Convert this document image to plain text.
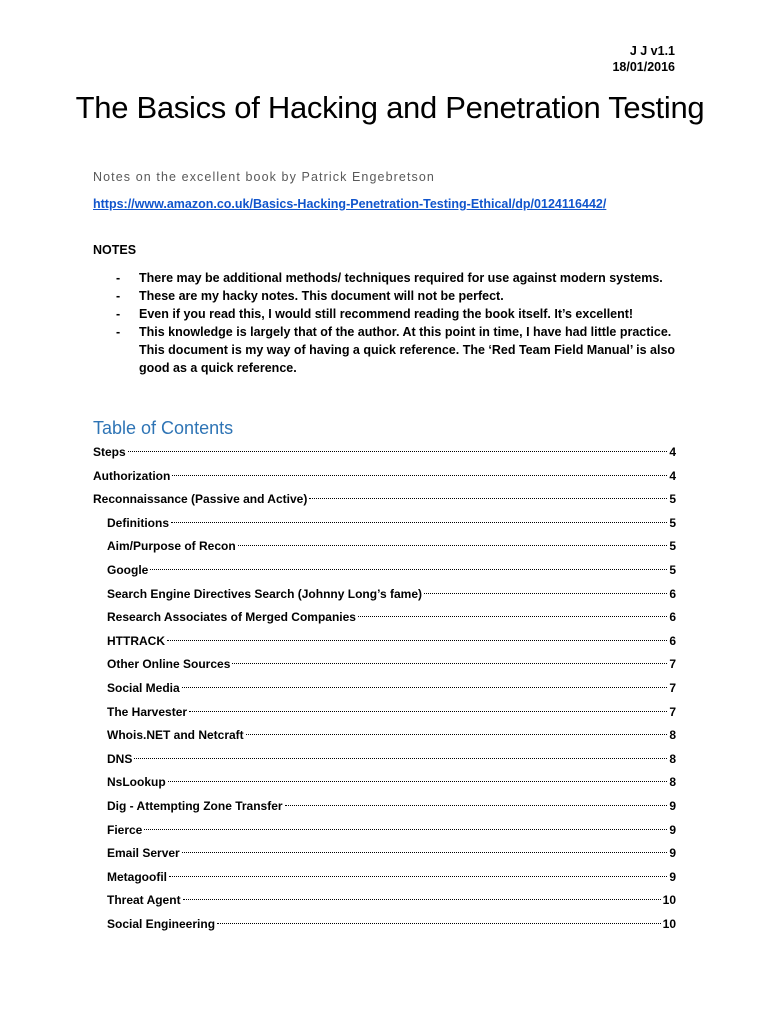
J J v1.1
18/01/2016
The Basics of Hacking and Penetration Testing
Notes on the excellent book by Patrick Engebretson
https://www.amazon.co.uk/Basics-Hacking-Penetration-Testing-Ethical/dp/0124116442/
NOTES
- There may be additional methods/ techniques required for use against modern systems.
- These are my hacky notes. This document will not be perfect.
- Even if you read this, I would still recommend reading the book itself. It’s excellent!
- This knowledge is largely that of the author. At this point in time, I have had little practice. This document is my way of having a quick reference. The ‘Red Team Field Manual’ is also good as a quick reference.
Table of Contents
Steps	4
Authorization	4
Reconnaissance (Passive and Active)	5
Definitions	5
Aim/Purpose of Recon	5
Google	5
Search Engine Directives Search (Johnny Long’s fame)	6
Research Associates of Merged Companies	6
HTTRACK	6
Other Online Sources	7
Social Media	7
The Harvester	7
Whois.NET and Netcraft	8
DNS	8
NsLookup	8
Dig - Attempting Zone Transfer	9
Fierce	9
Email Server	9
Metagoofil	9
Threat Agent	10
Social Engineering	10
